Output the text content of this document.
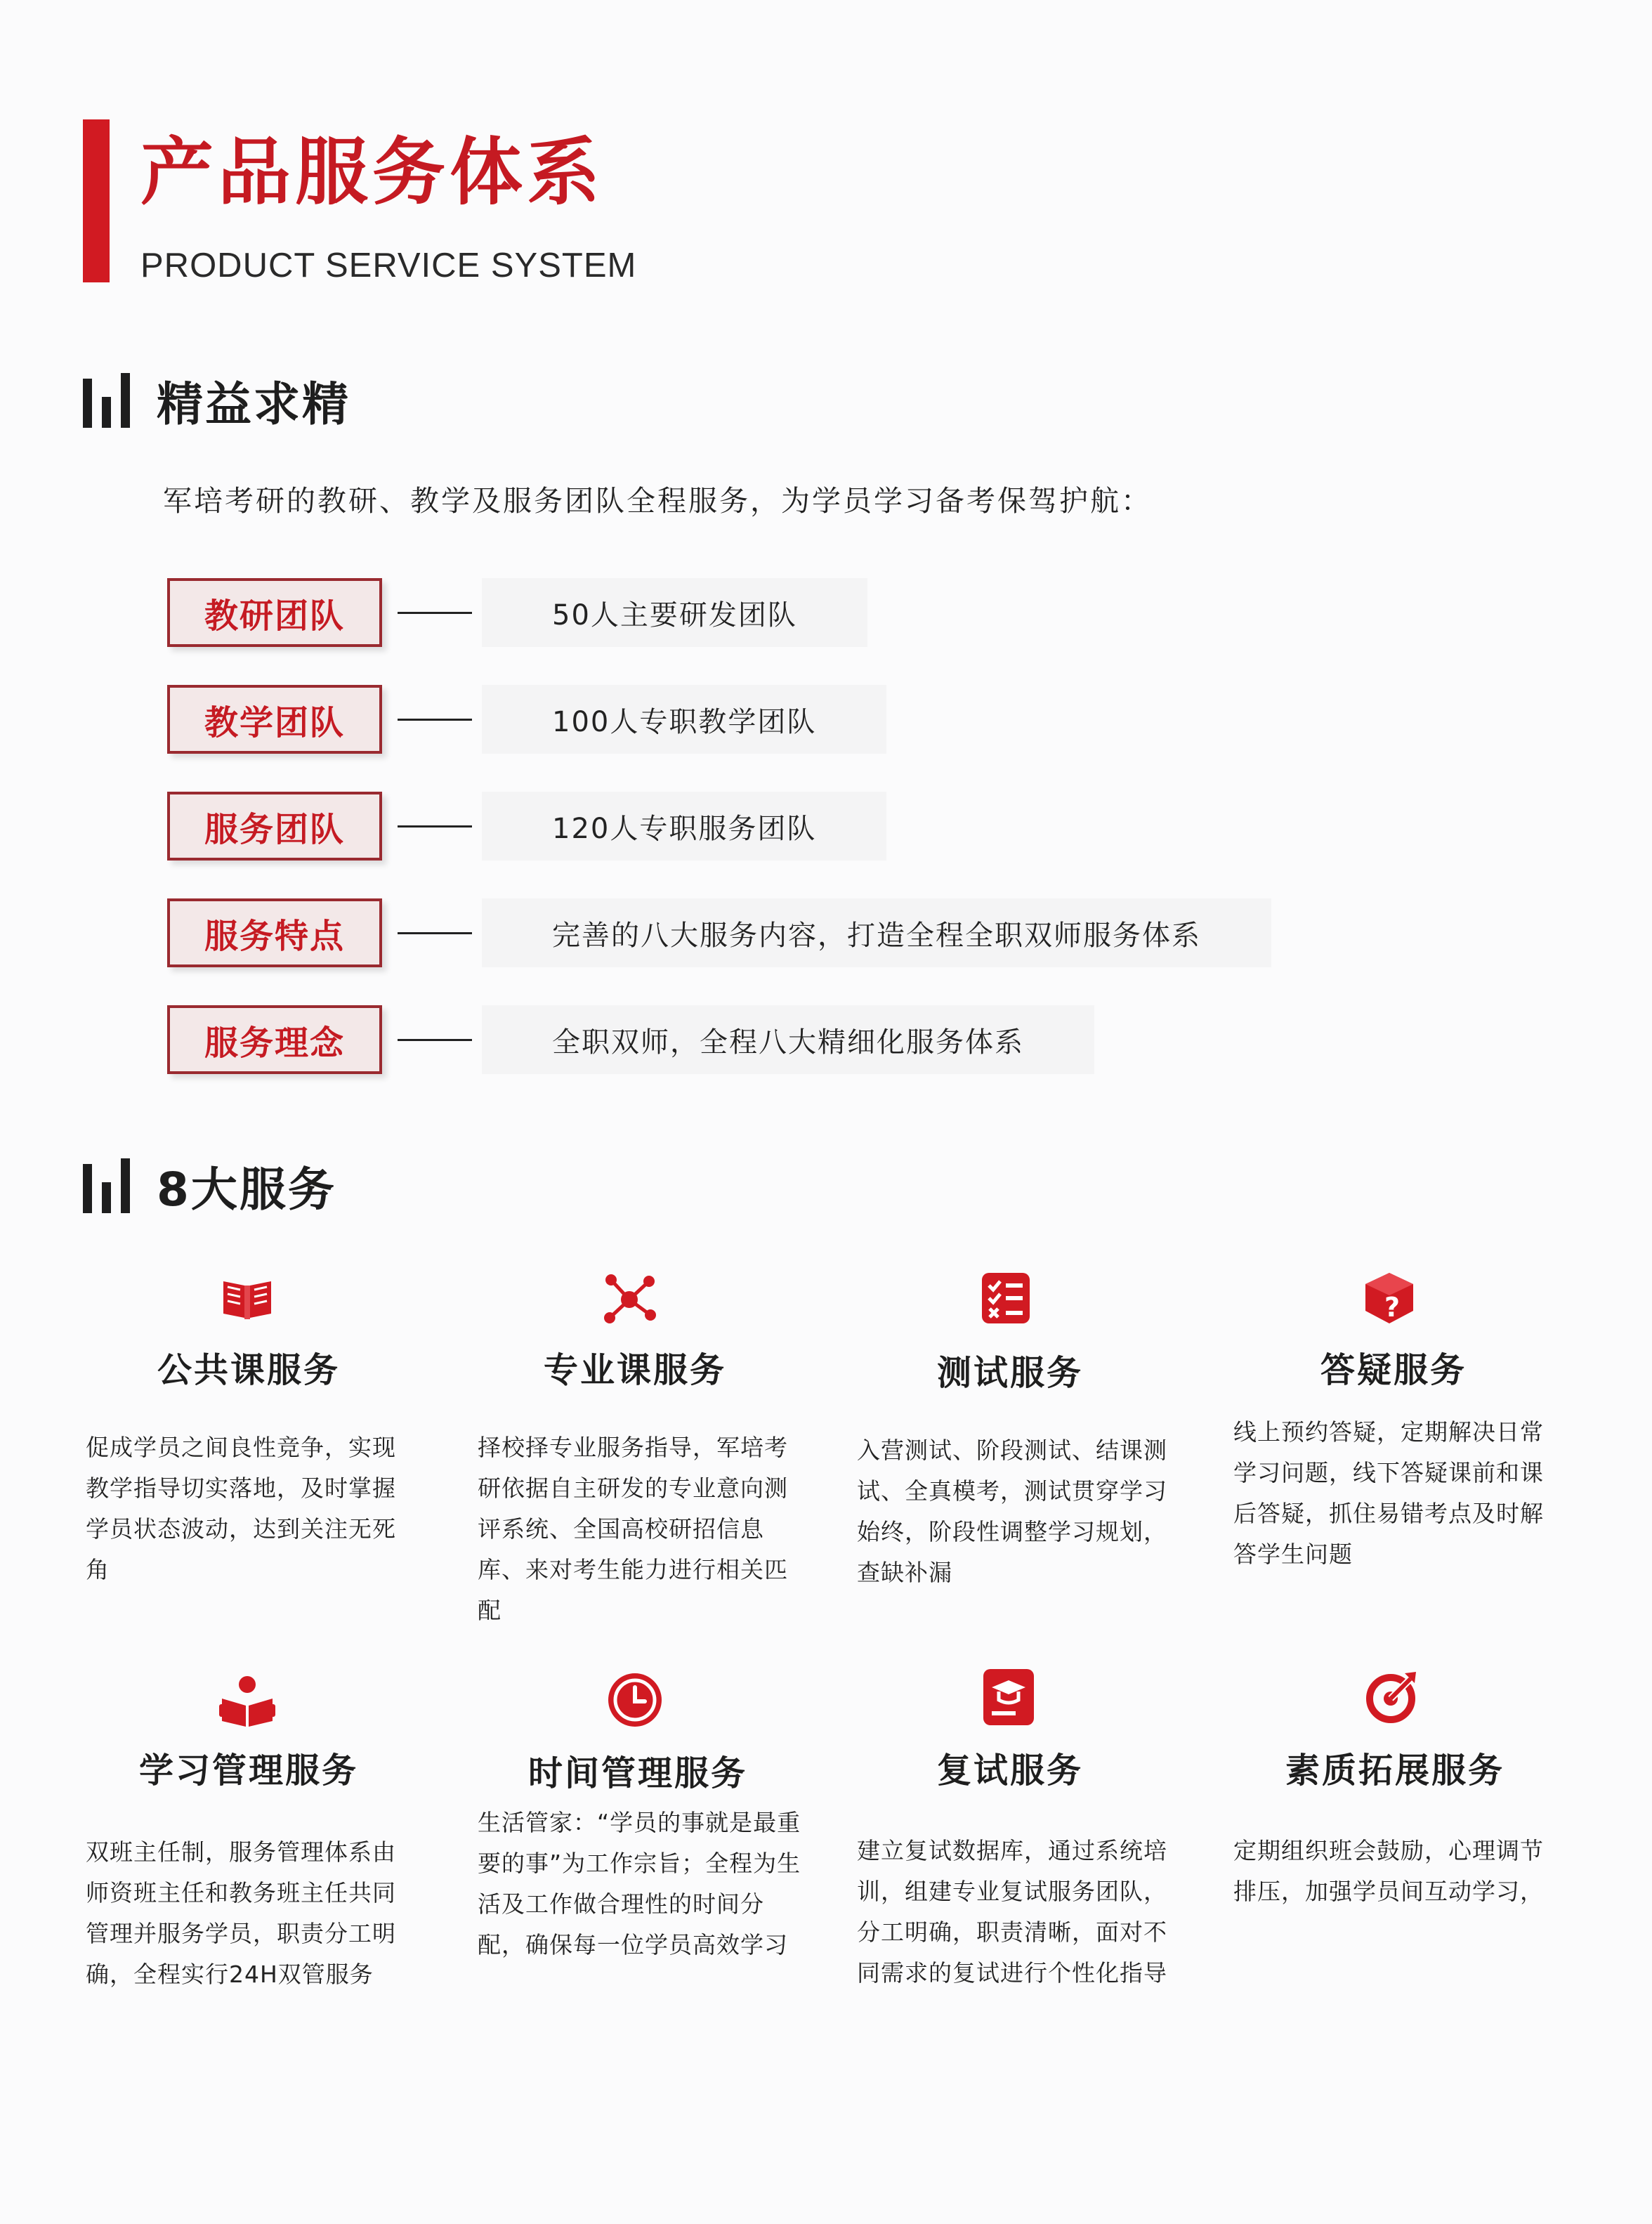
产品服务体系
PRODUCT SERVICE SYSTEM
精益求精
军培考研的教研、教学及服务团队全程服务，为学员学习备考保驾护航：
教研团队	50人主要研发团队
教学团队	100人专职教学团队
服务团队	120人专职服务团队
服务特点	完善的八大服务内容，打造全程全职双师服务体系
服务理念	全职双师，全程八大精细化服务体系
8大服务
公共课服务
促成学员之间良性竞争，实现教学指导切实落地，及时掌握学员状态波动，达到关注无死角
专业课服务
择校择专业服务指导，军培考研依据自主研发的专业意向测评系统、全国高校研招信息库、来对考生能力进行相关匹配
测试服务
入营测试、阶段测试、结课测试、全真模考，测试贯穿学习始终，阶段性调整学习规划，查缺补漏
?
答疑服务
线上预约答疑，定期解决日常学习问题，线下答疑课前和课后答疑，抓住易错考点及时解答学生问题
学习管理服务
双班主任制，服务管理体系由师资班主任和教务班主任共同管理并服务学员，职责分工明确，全程实行24H双管服务
时间管理服务
生活管家：“学员的事就是最重要的事”为工作宗旨；全程为生活及工作做合理性的时间分配，确保每一位学员高效学习
复试服务
建立复试数据库，通过系统培训，组建专业复试服务团队，分工明确，职责清晰，面对不同需求的复试进行个性化指导
素质拓展服务
定期组织班会鼓励，心理调节排压，加强学员间互动学习，
